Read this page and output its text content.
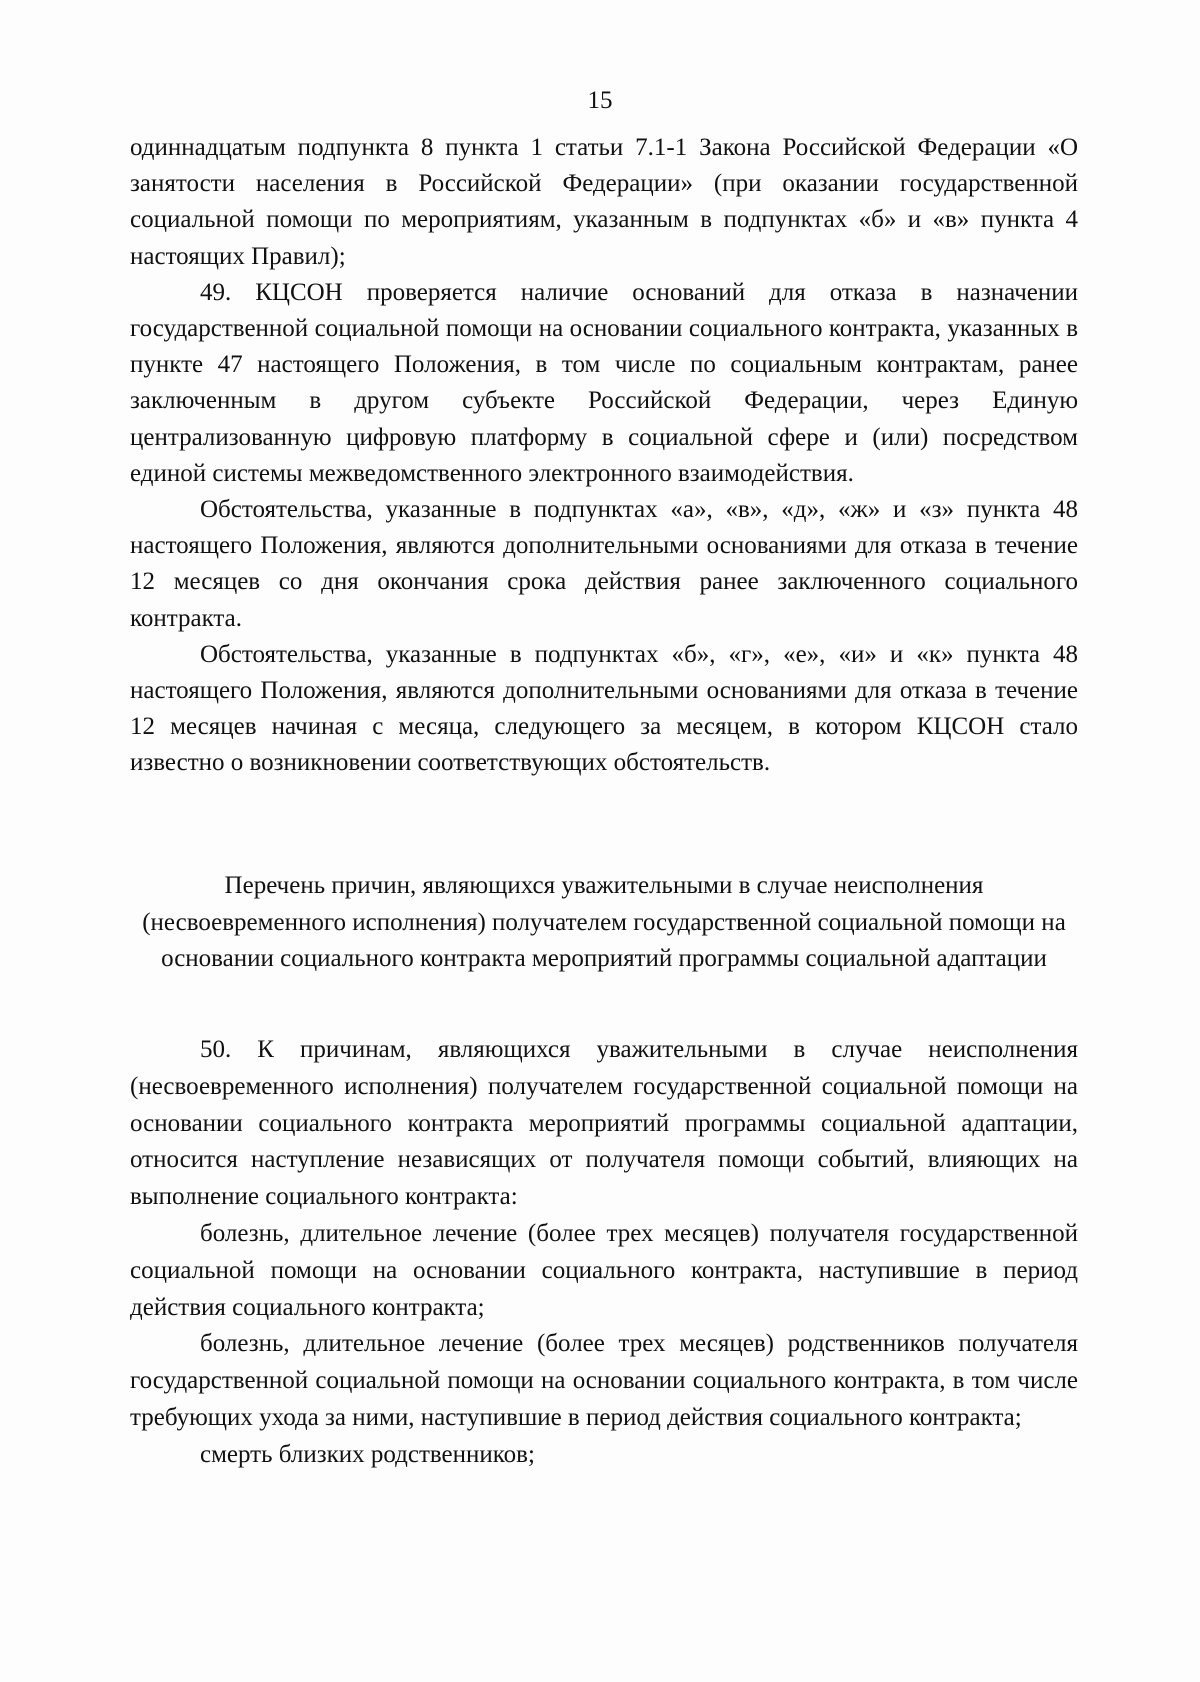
15

одиннадцатым подпункта 8 пункта 1 статьи 7.1-1 Закона Российской Федерации «О занятости населения в Российской Федерации» (при оказании государственной социальной помощи по мероприятиям, указанным в подпунктах «б» и «в» пункта 4 настоящих Правил);

49. КЦСОН проверяется наличие оснований для отказа в назначении государственной социальной помощи на основании социального контракта, указанных в пункте 47 настоящего Положения, в том числе по социальным контрактам, ранее заключенным в другом субъекте Российской Федерации, через Единую централизованную цифровую платформу в социальной сфере и (или) посредством единой системы межведомственного электронного взаимодействия.

Обстоятельства, указанные в подпунктах «а», «в», «д», «ж» и «з» пункта 48 настоящего Положения, являются дополнительными основаниями для отказа в течение 12 месяцев со дня окончания срока действия ранее заключенного социального контракта.

Обстоятельства, указанные в подпунктах «б», «г», «е», «и» и «к» пункта 48 настоящего Положения, являются дополнительными основаниями для отказа в течение 12 месяцев начиная с месяца, следующего за месяцем, в котором КЦСОН стало известно о возникновении соответствующих обстоятельств.

Перечень причин, являющихся уважительными в случае неисполнения (несвоевременного исполнения) получателем государственной социальной помощи на основании социального контракта мероприятий программы социальной адаптации

50. К причинам, являющихся уважительными в случае неисполнения (несвоевременного исполнения) получателем государственной социальной помощи на основании социального контракта мероприятий программы социальной адаптации, относится наступление независящих от получателя помощи событий, влияющих на выполнение социального контракта:

болезнь, длительное лечение (более трех месяцев) получателя государственной социальной помощи на основании социального контракта, наступившие в период действия социального контракта;

болезнь, длительное лечение (более трех месяцев) родственников получателя государственной социальной помощи на основании социального контракта, в том числе требующих ухода за ними, наступившие в период действия социального контракта;

смерть близких родственников;
